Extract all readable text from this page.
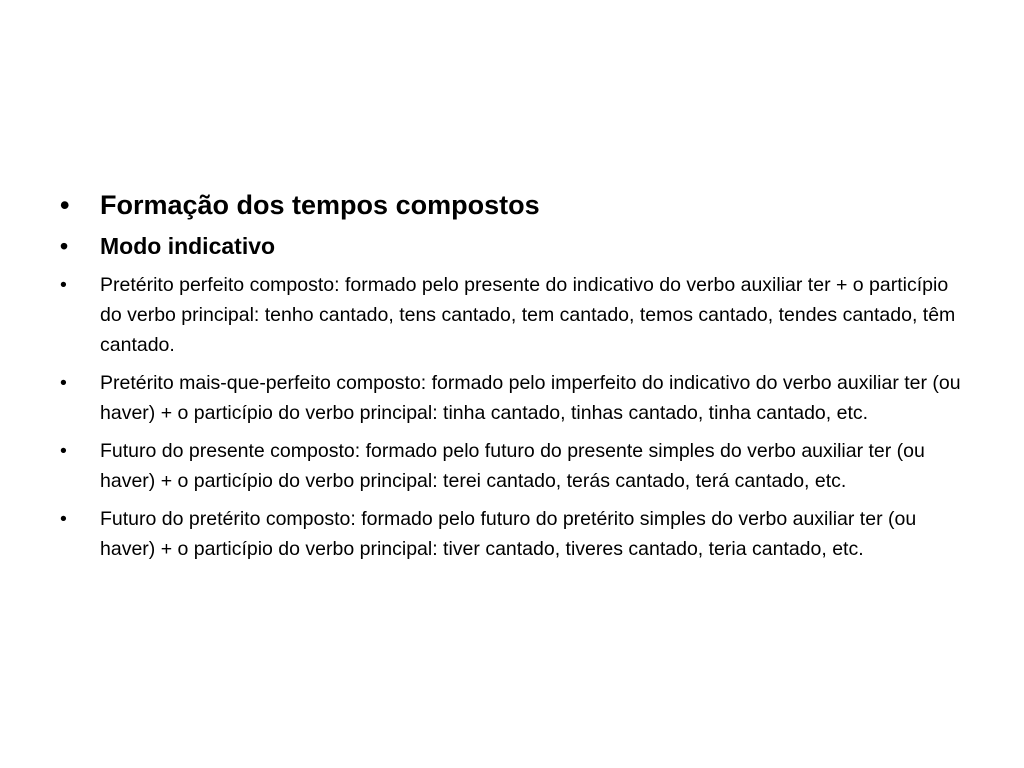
• Formação dos tempos compostos
• Modo indicativo
• Pretérito perfeito composto: formado pelo presente do indicativo do verbo auxiliar ter + o particípio do verbo principal: tenho cantado, tens cantado, tem cantado, temos cantado, tendes cantado, têm cantado.
• Pretérito mais-que-perfeito composto: formado pelo imperfeito do indicativo do verbo auxiliar ter (ou haver) + o particípio do verbo principal: tinha cantado, tinhas cantado, tinha cantado, etc.
• Futuro do presente composto: formado pelo futuro do presente simples do verbo auxiliar ter (ou haver) + o particípio do verbo principal: terei cantado, terás cantado, terá cantado, etc.
• Futuro do pretérito composto: formado pelo futuro do pretérito simples do verbo auxiliar ter (ou haver) + o particípio do verbo principal: tiver cantado, tiveres cantado, teria cantado, etc.
